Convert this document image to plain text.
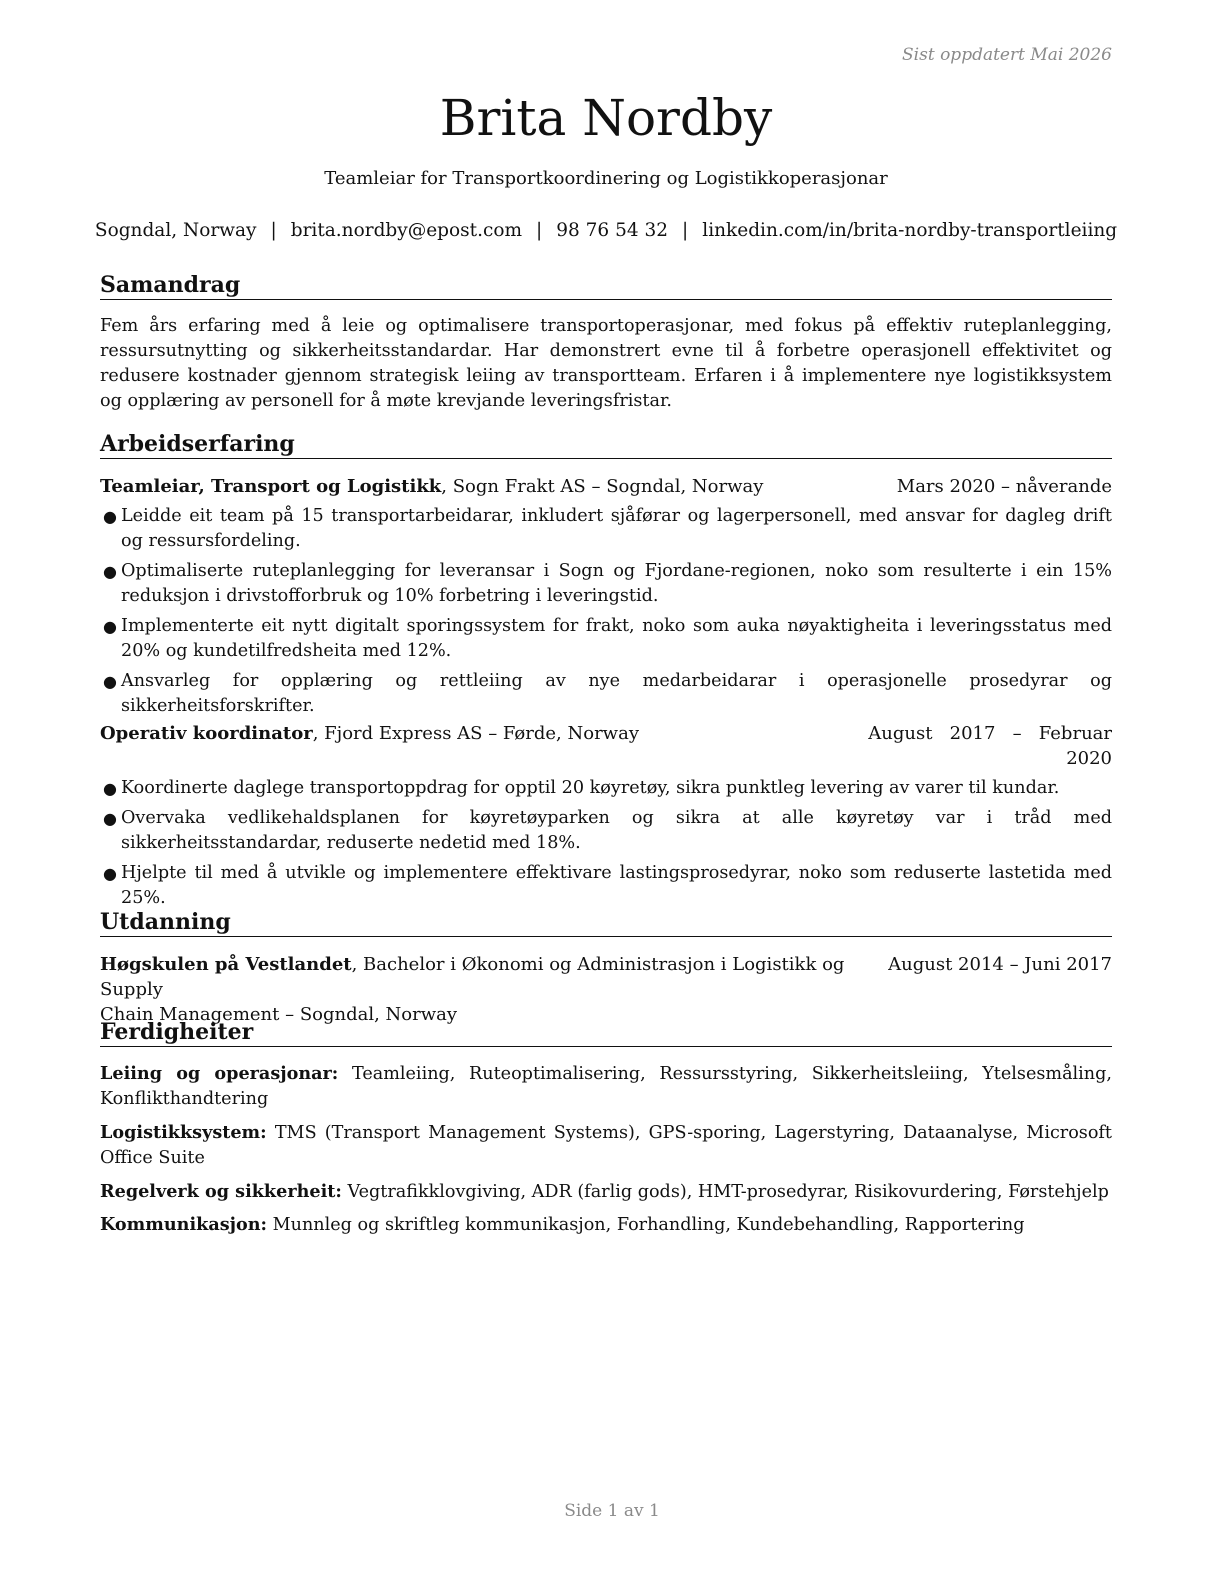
Sist oppdatert Mai 2026
Brita Nordby
Teamleiar for Transportkoordinering og Logistikkoperasjonar
Sogndal, Norway | brita.nordby@epost.com | 98 76 54 32 | linkedin.com/in/brita-nordby-transportleiing
Samandrag
Fem års erfaring med å leie og optimalisere transportoperasjonar, med fokus på effektiv ruteplanlegging, ressursutnytting og sikkerheitsstandardar. Har demonstrert evne til å forbetre operasjonell effektivitet og redusere kostnader gjennom strategisk leiing av transportteam. Erfaren i å implementere nye logistikksystem og opplæring av personell for å møte krevjande leveringsfristar.
Arbeidserfaring
Teamleiar, Transport og Logistikk, Sogn Frakt AS – Sogndal, Norway	Mars 2020 – nåverande
● Leidde eit team på 15 transportarbeidarar, inkludert sjåførar og lagerpersonell, med ansvar for dagleg drift og ressursfordeling.
● Optimaliserte ruteplanlegging for leveransar i Sogn og Fjordane-regionen, noko som resulterte i ein 15% reduksjon i drivstofforbruk og 10% forbetring i leveringstid.
● Implementerte eit nytt digitalt sporingssystem for frakt, noko som auka nøyaktigheita i leveringsstatus med 20% og kundetilfredsheita med 12%.
● Ansvarleg for opplæring og rettleiing av nye medarbeidarar i operasjonelle prosedyrar og sikkerheitsforskrifter.
Operativ koordinator, Fjord Express AS – Førde, Norway	August   2017   –   Februar
2020
● Koordinerte daglege transportoppdrag for opptil 20 køyretøy, sikra punktleg levering av varer til kundar.
● Overvaka vedlikehaldsplanen for køyretøyparken og sikra at alle køyretøy var i tråd med sikkerheitsstandardar, reduserte nedetid med 18%.
● Hjelpte til med å utvikle og implementere effektivare lastingsprosedyrar, noko som reduserte lastetida med 25%.
Utdanning
Høgskulen på Vestlandet, Bachelor i Økonomi og Administrasjon i Logistikk og Supply
Chain Management – Sogndal, Norway
August 2014 – Juni 2017
Ferdigheiter
Leiing og operasjonar: Teamleiing, Ruteoptimalisering, Ressursstyring, Sikkerheitsleiing, Ytelsesmåling, Konflikthandtering
Logistikksystem: TMS (Transport Management Systems), GPS-sporing, Lagerstyring, Dataanalyse, Microsoft Office Suite
Regelverk og sikkerheit: Vegtrafikklovgiving, ADR (farlig gods), HMT-prosedyrar, Risikovurdering, Førstehjelp
Kommunikasjon: Munnleg og skriftleg kommunikasjon, Forhandling, Kundebehandling, Rapportering
Side 1 av 1
